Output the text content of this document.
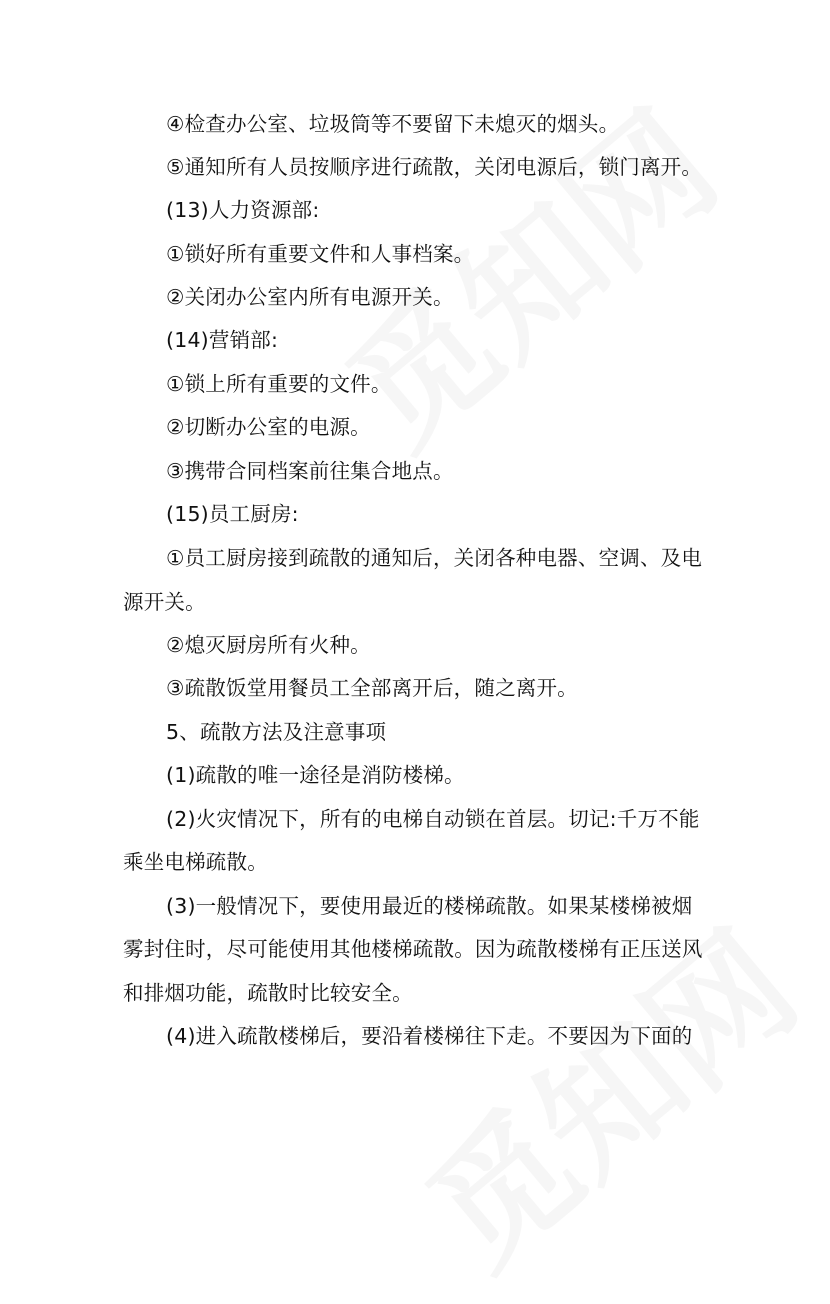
④检查办公室、垃圾筒等不要留下未熄灭的烟头。
⑤通知所有人员按顺序进行疏散，关闭电源后，锁门离开。
(13)人力资源部:
①锁好所有重要文件和人事档案。
②关闭办公室内所有电源开关。
(14)营销部:
①锁上所有重要的文件。
②切断办公室的电源。
③携带合同档案前往集合地点。
(15)员工厨房:
①员工厨房接到疏散的通知后，关闭各种电器、空调、及电
源开关。
②熄灭厨房所有火种。
③疏散饭堂用餐员工全部离开后，随之离开。
5、疏散方法及注意事项
(1)疏散的唯一途径是消防楼梯。
(2)火灾情况下，所有的电梯自动锁在首层。切记:千万不能
乘坐电梯疏散。
(3)一般情况下，要使用最近的楼梯疏散。如果某楼梯被烟
雾封住时，尽可能使用其他楼梯疏散。因为疏散楼梯有正压送风
和排烟功能，疏散时比较安全。
(4)进入疏散楼梯后，要沿着楼梯往下走。不要因为下面的
